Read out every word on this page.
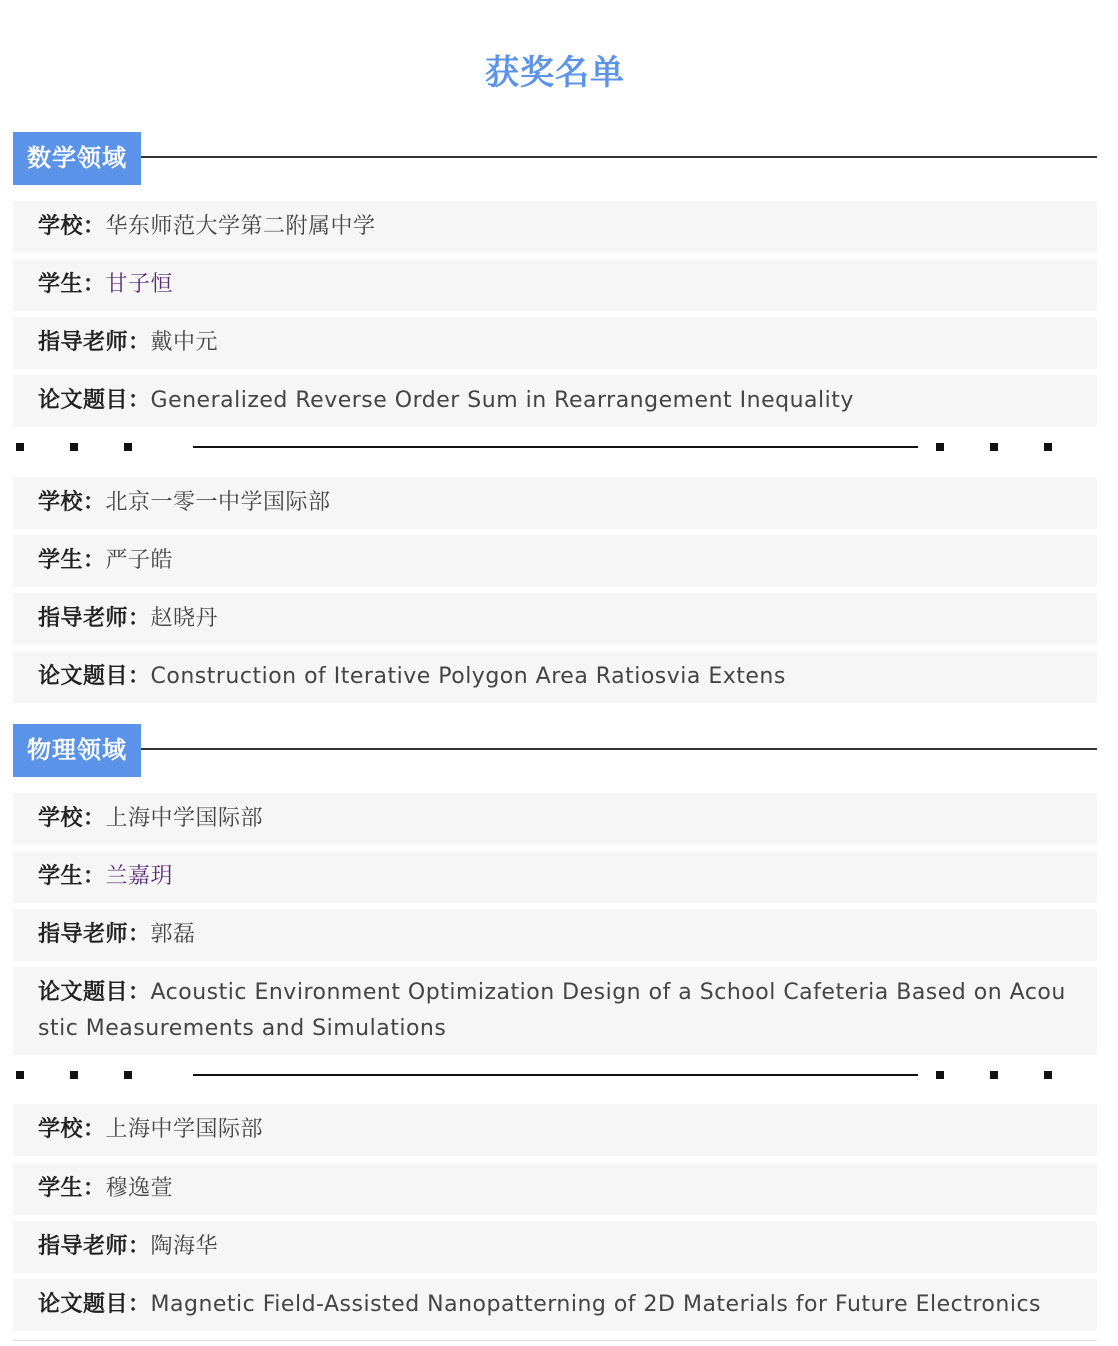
获奖名单
数学领域
学校：华东师范大学第二附属中学
学生：甘子恒
指导老师：戴中元
论文题目：Generalized Reverse Order Sum in Rearrangement Inequality
学校：北京一零一中学国际部
学生：严子皓
指导老师：赵晓丹
论文题目：Construction of Iterative Polygon Area Ratiosvia Extens
物理领域
学校：上海中学国际部
学生：兰嘉玥
指导老师：郭磊
论文题目：Acoustic Environment Optimization Design of a School Cafeteria Based on Acoustic Measurements and Simulations
学校：上海中学国际部
学生：穆逸萱
指导老师：陶海华
论文题目：Magnetic Field-Assisted Nanopatterning of 2D Materials for Future Electronics
